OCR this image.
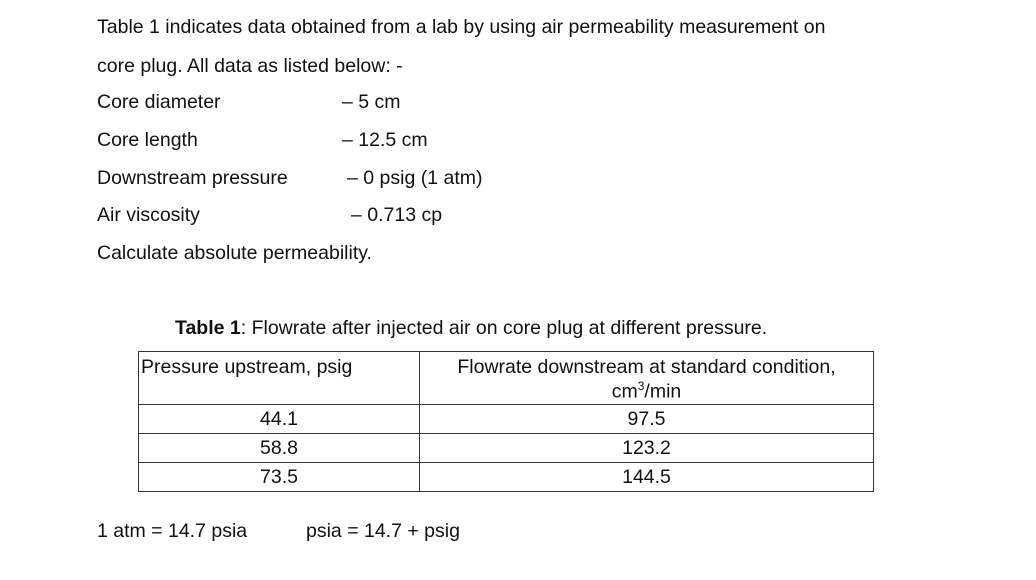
Table 1 indicates data obtained from a lab by using air permeability measurement on
core plug. All data as listed below: -
Core diameter	– 5 cm
Core length	– 12.5 cm
Downstream pressure	– 0 psig (1 atm)
Air viscosity	– 0.713 cp
Calculate absolute permeability.
Table 1: Flowrate after injected air on core plug at different pressure.
Pressure upstream, psig	Flowrate downstream at standard condition,
$cm^3/\min$

44.1	97.5
58.8	123.2
73.5	144.5
1 atm = 14.7 psia	psia = 14.7 + psig
